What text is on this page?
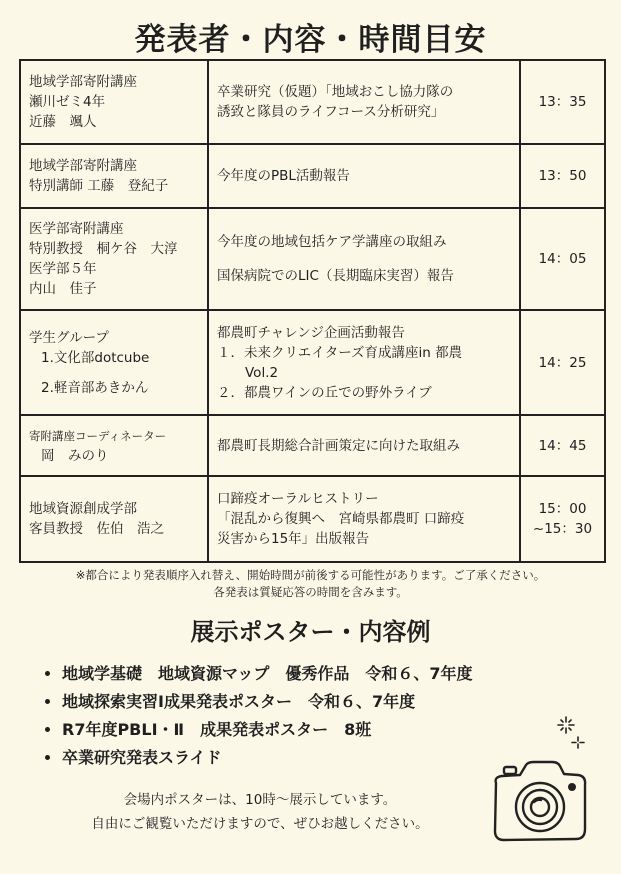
発表者・内容・時間目安
地域学部寄附講座
瀬川ゼミ4年
近藤　颯人	卒業研究（仮題）「地域おこし協力隊の
誘致と隊員のライフコース分析研究」	13：35

地域学部寄附講座
特別講師 工藤　登紀子	今年度のPBL活動報告	13：50

医学部寄附講座
特別教授　桐ケ谷　大淳
医学部５年
内山　佳子	今年度の地域包括ケア学講座の取組み
国保病院でのLIC（長期臨床実習）報告	14：05

学生グループ
1.文化部dotcube
2.軽音部あきかん	都農町チャレンジ企画活動報告
１．未来クリエイターズ育成講座in 都農
Vol.2
２．都農ワインの丘での野外ライブ	14：25

寄附講座コーディネーター
岡　みのり	都農町長期総合計画策定に向けた取組み	14：45

地域資源創成学部
客員教授　佐伯　浩之	口蹄疫オーラルヒストリー
「混乱から復興へ　宮崎県都農町 口蹄疫
災害から15年」出版報告	15：00
~15：30
※都合により発表順序入れ替え、開始時間が前後する可能性があります。ご了承ください。
各発表は質疑応答の時間を含みます。
展示ポスター・内容例
• 地域学基礎　地域資源マップ　優秀作品　令和６、7年度
• 地域探索実習Ⅰ成果発表ポスター　令和６、7年度
• R7年度PBLⅠ・Ⅱ　成果発表ポスター　8班
• 卒業研究発表スライド
会場内ポスターは、10時～展示しています。
自由にご観覧いただけますので、ぜひお越しください。
